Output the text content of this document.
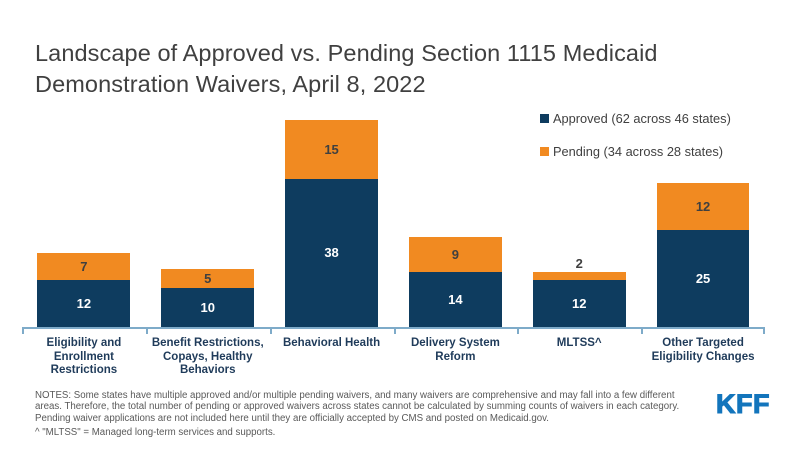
Landscape of Approved vs. Pending Section 1115 Medicaid
Demonstration Waivers, April 8, 2022
Approved (62 across 46 states)
Pending (34 across 28 states)
7
12
5
10
15
38	9
14
2
12
12
25
Eligibility and
Enrollment
Restrictions
Benefit Restrictions,
Copays, Healthy
Behaviors
Behavioral Health	Delivery System
Reform
MLTSS^	Other Targeted
Eligibility Changes
NOTES: Some states have multiple approved and/or multiple pending waivers, and many waivers are comprehensive and may fall into a few different
areas. Therefore, the total number of pending or approved waivers across states cannot be calculated by summing counts of waivers in each category.
Pending waiver applications are not included here until they are officially accepted by CMS and posted on Medicaid.gov.
^ "MLTSS" = Managed long-term services and supports.
KFF
